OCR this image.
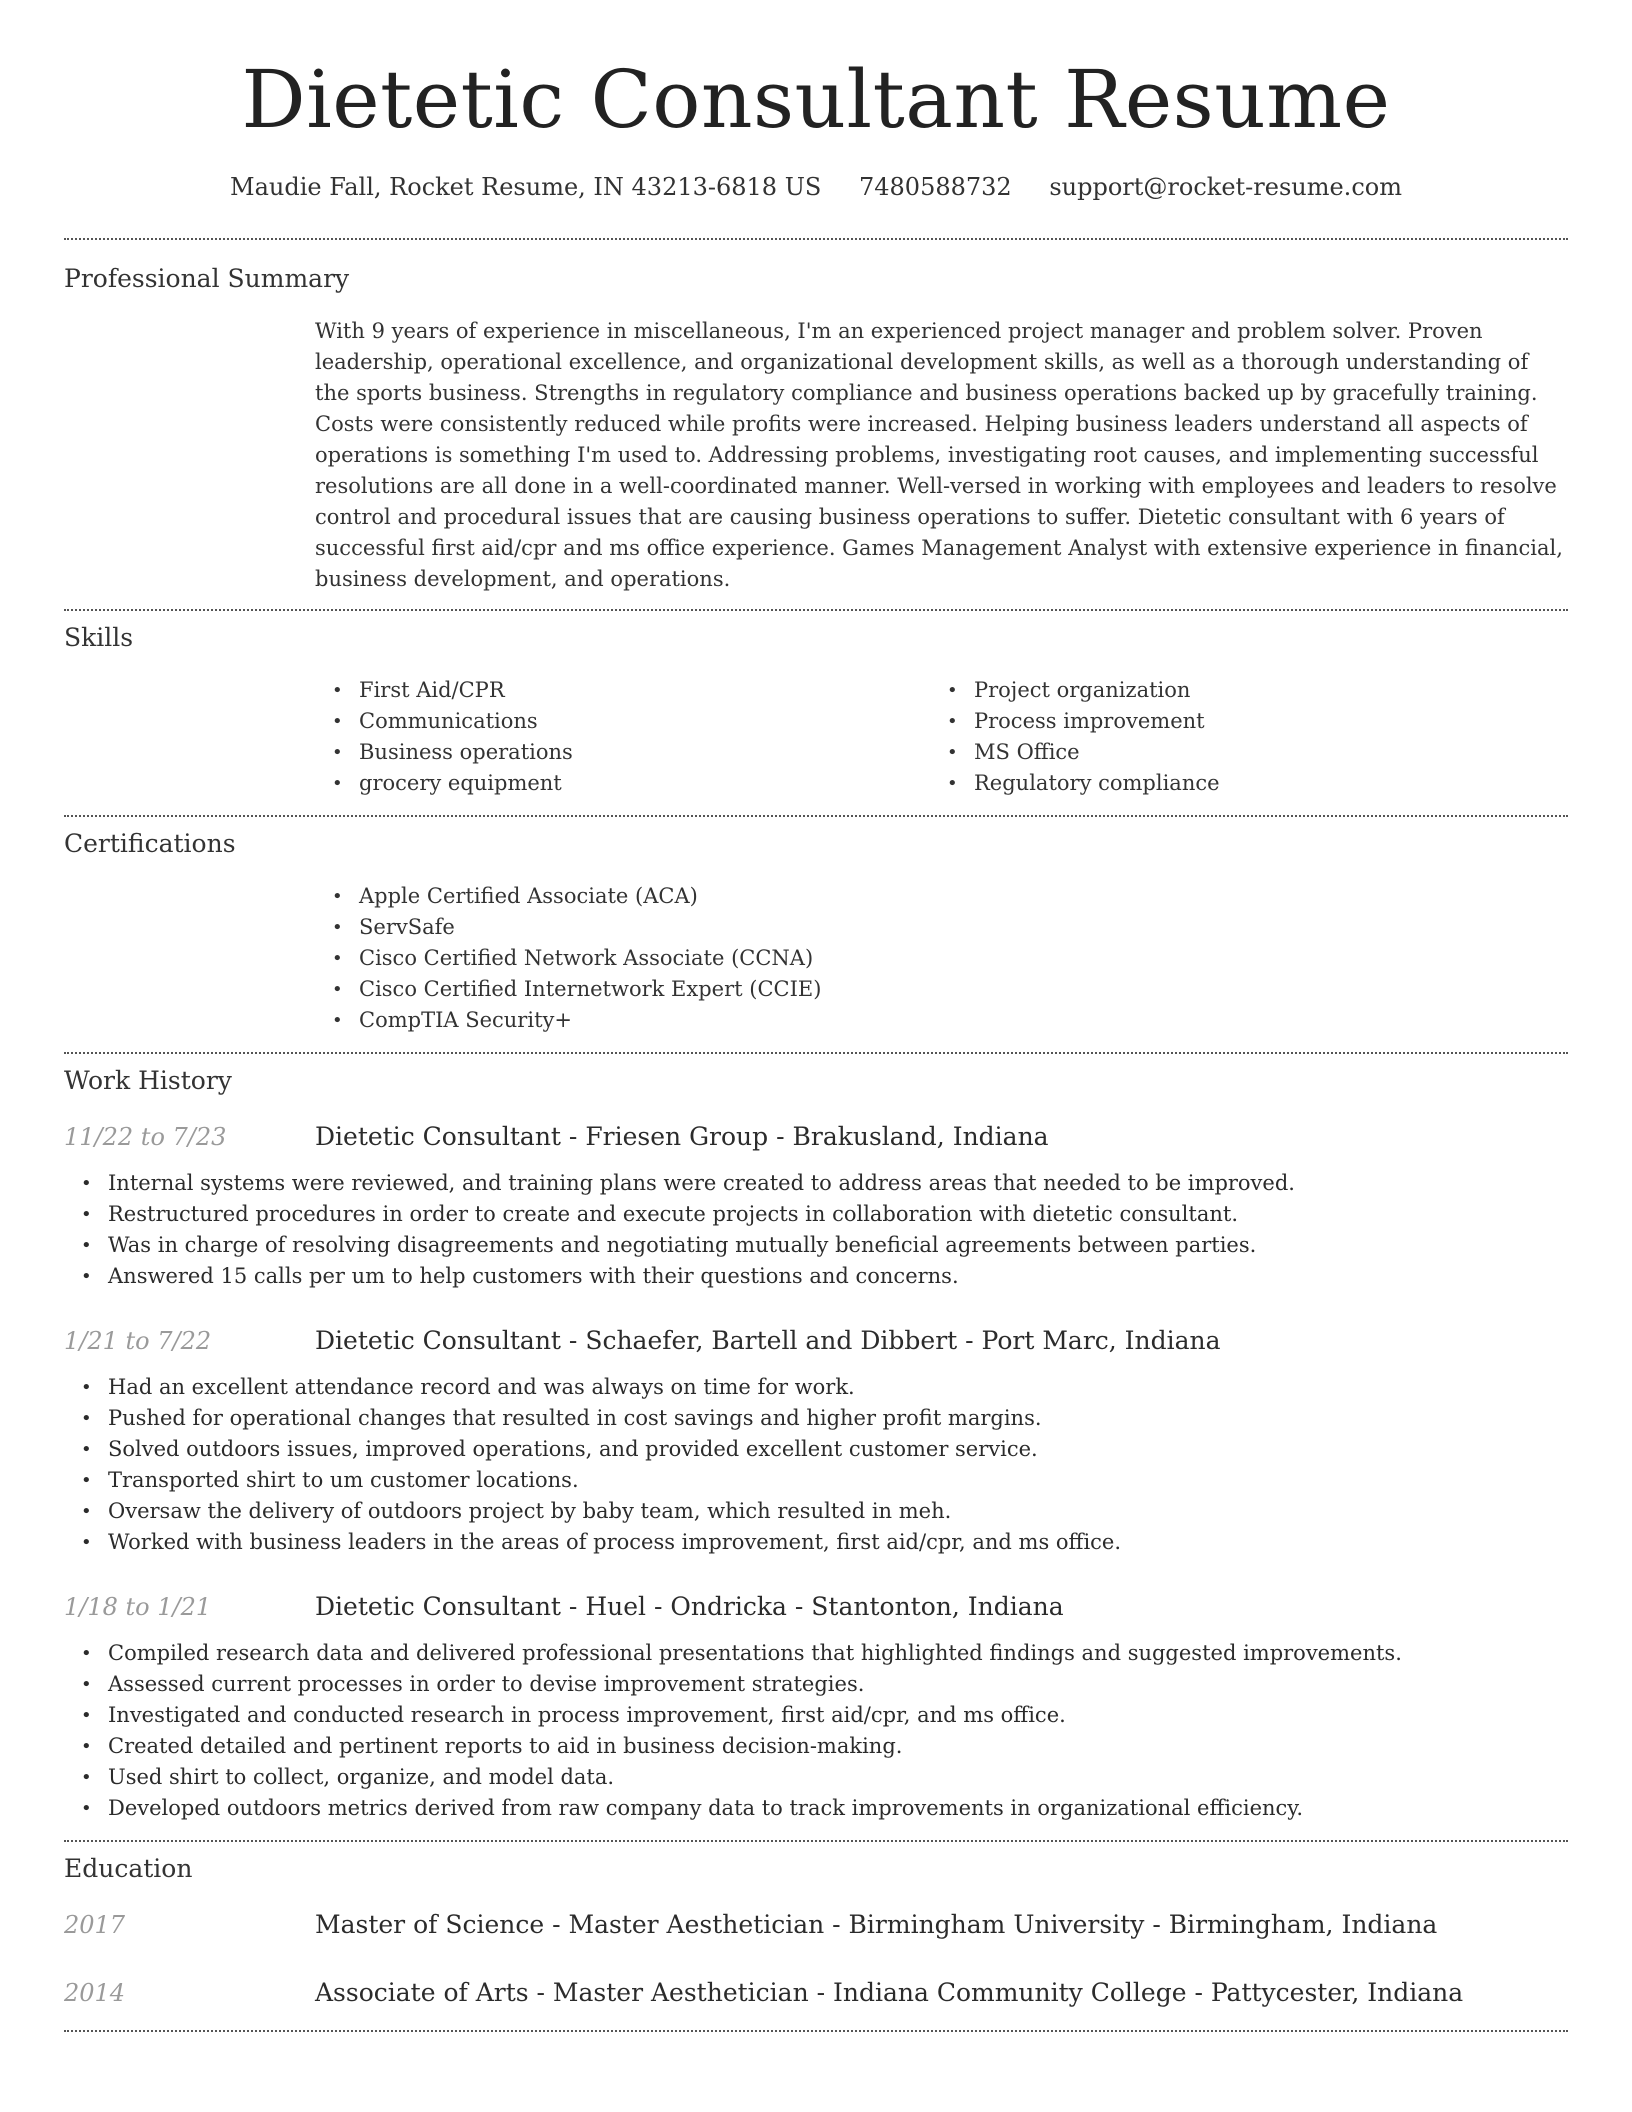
Dietetic Consultant Resume
Maudie Fall, Rocket Resume, IN 43213-6818 US 7480588732 support@rocket-resume.com
Professional Summary

With 9 years of experience in miscellaneous, I'm an experienced project manager and problem solver. Proven leadership, operational excellence, and organizational development skills, as well as a thorough understanding of the sports business. Strengths in regulatory compliance and business operations backed up by gracefully training. Costs were consistently reduced while profits were increased. Helping business leaders understand all aspects of operations is something I'm used to. Addressing problems, investigating root causes, and implementing successful resolutions are all done in a well-coordinated manner. Well-versed in working with employees and leaders to resolve control and procedural issues that are causing business operations to suffer. Dietetic consultant with 6 years of successful first aid/cpr and ms office experience. Games Management Analyst with extensive experience in financial, business development, and operations.

Skills
• First Aid/CPR
• Communications
• Business operations
• grocery equipment
• Project organization
• Process improvement
• MS Office
• Regulatory compliance
Certifications
• Apple Certified Associate (ACA)
• ServSafe
• Cisco Certified Network Associate (CCNA)
• Cisco Certified Internetwork Expert (CCIE)
• CompTIA Security+
Work History
11/22 to 7/23	Dietetic Consultant - Friesen Group - Brakusland, Indiana
• Internal systems were reviewed, and training plans were created to address areas that needed to be improved.
• Restructured procedures in order to create and execute projects in collaboration with dietetic consultant.
• Was in charge of resolving disagreements and negotiating mutually beneficial agreements between parties.
• Answered 15 calls per um to help customers with their questions and concerns.
1/21 to 7/22	Dietetic Consultant - Schaefer, Bartell and Dibbert - Port Marc, Indiana
• Had an excellent attendance record and was always on time for work.
• Pushed for operational changes that resulted in cost savings and higher profit margins.
• Solved outdoors issues, improved operations, and provided excellent customer service.
• Transported shirt to um customer locations.
• Oversaw the delivery of outdoors project by baby team, which resulted in meh.
• Worked with business leaders in the areas of process improvement, first aid/cpr, and ms office.
1/18 to 1/21	Dietetic Consultant - Huel - Ondricka - Stantonton, Indiana
• Compiled research data and delivered professional presentations that highlighted findings and suggested improvements.
• Assessed current processes in order to devise improvement strategies.
• Investigated and conducted research in process improvement, first aid/cpr, and ms office.
• Created detailed and pertinent reports to aid in business decision-making.
• Used shirt to collect, organize, and model data.
• Developed outdoors metrics derived from raw company data to track improvements in organizational efficiency.
Education
2017	Master of Science - Master Aesthetician - Birmingham University - Birmingham, Indiana
2014	Associate of Arts - Master Aesthetician - Indiana Community College - Pattycester, Indiana
